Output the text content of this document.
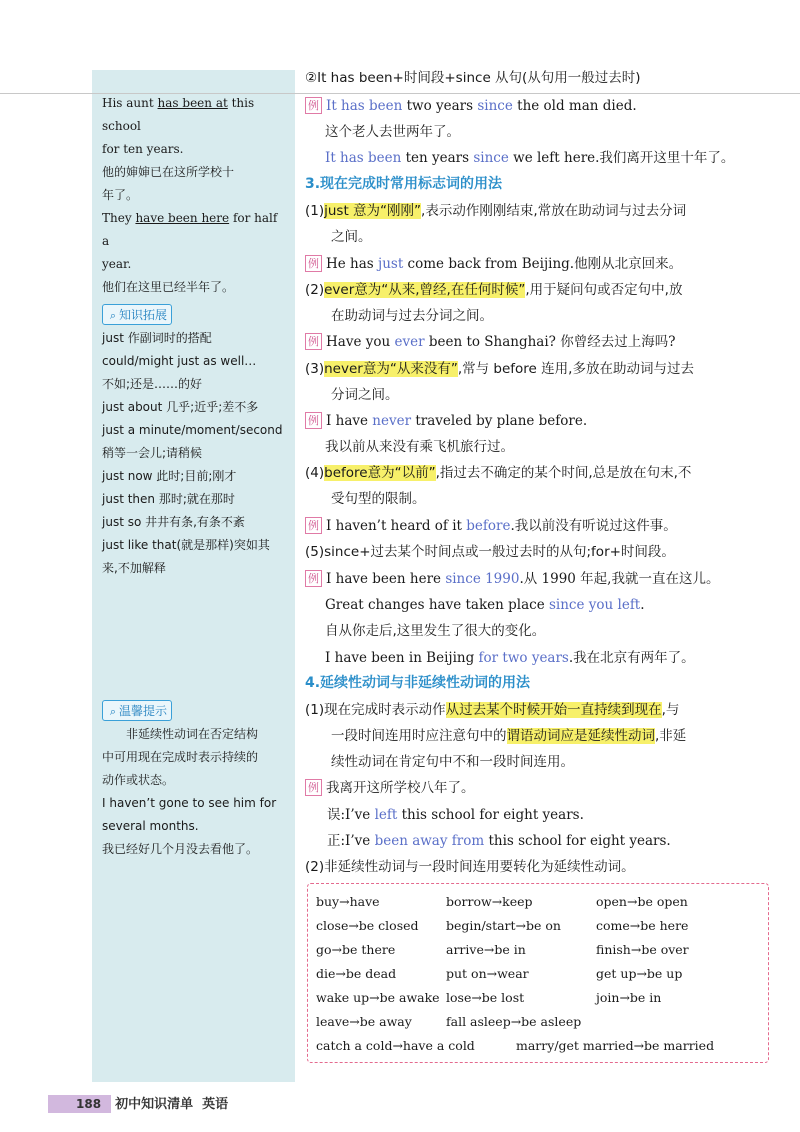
His aunt has been at this school
for ten years.
他的婶婶已在这所学校十
年了。
They have been here for half a
year.
他们在这里已经半年了。
⌕ 知识拓展
just 作副词时的搭配
could/might just as well…
不如;还是……的好
just about 几乎;近乎;差不多
just a minute/moment/second
稍等一会儿;请稍候
just now 此时;目前;刚才
just then 那时;就在那时
just so 井井有条,有条不紊
just like that(就是那样)突如其
来,不加解释
⌕ 温馨提示
非延续性动词在否定结构
中可用现在完成时表示持续的
动作或状态。
I haven’t gone to see him for
several months.
我已经好几个月没去看他了。
②It has been+时间段+since 从句(从句用一般过去时)
例 It has been two years since the old man died.
这个老人去世两年了。
It has been ten years since we left here.我们离开这里十年了。
3.现在完成时常用标志词的用法
(1)just 意为“刚刚”,表示动作刚刚结束,常放在助动词与过去分词
之间。
例 He has just come back from Beijing.他刚从北京回来。
(2)ever意为“从来,曾经,在任何时候”,用于疑问句或否定句中,放
在助动词与过去分词之间。
例 Have you ever been to Shanghai? 你曾经去过上海吗?
(3)never意为“从来没有”,常与 before 连用,多放在助动词与过去
分词之间。
例 I have never traveled by plane before.
我以前从来没有乘飞机旅行过。
(4)before意为“以前”,指过去不确定的某个时间,总是放在句末,不
受句型的限制。
例 I haven’t heard of it before.我以前没有听说过这件事。
(5)since+过去某个时间点或一般过去时的从句;for+时间段。
例 I have been here since 1990.从 1990 年起,我就一直在这儿。
Great changes have taken place since you left.
自从你走后,这里发生了很大的变化。
I have been in Beijing for two years.我在北京有两年了。
4.延续性动词与非延续性动词的用法
(1)现在完成时表示动作从过去某个时候开始一直持续到现在,与
一段时间连用时应注意句中的谓语动词应是延续性动词,非延
续性动词在肯定句中不和一段时间连用。
例 我离开这所学校八年了。
误:I’ve left this school for eight years.
正:I’ve been away from this school for eight years.
(2)非延续性动词与一段时间连用要转化为延续性动词。
buy→have	borrow→keep	open→be open
close→be closed begin/start→be on	come→be here
go→be there	arrive→be in	finish→be over
die→be dead	put on→wear	get up→be up
wake up→be awake lose→be lost	join→be in
leave→be away	fall asleep→be asleep
catch a cold→have a cold	marry/get married→be married
188 初中知识清单 英语
